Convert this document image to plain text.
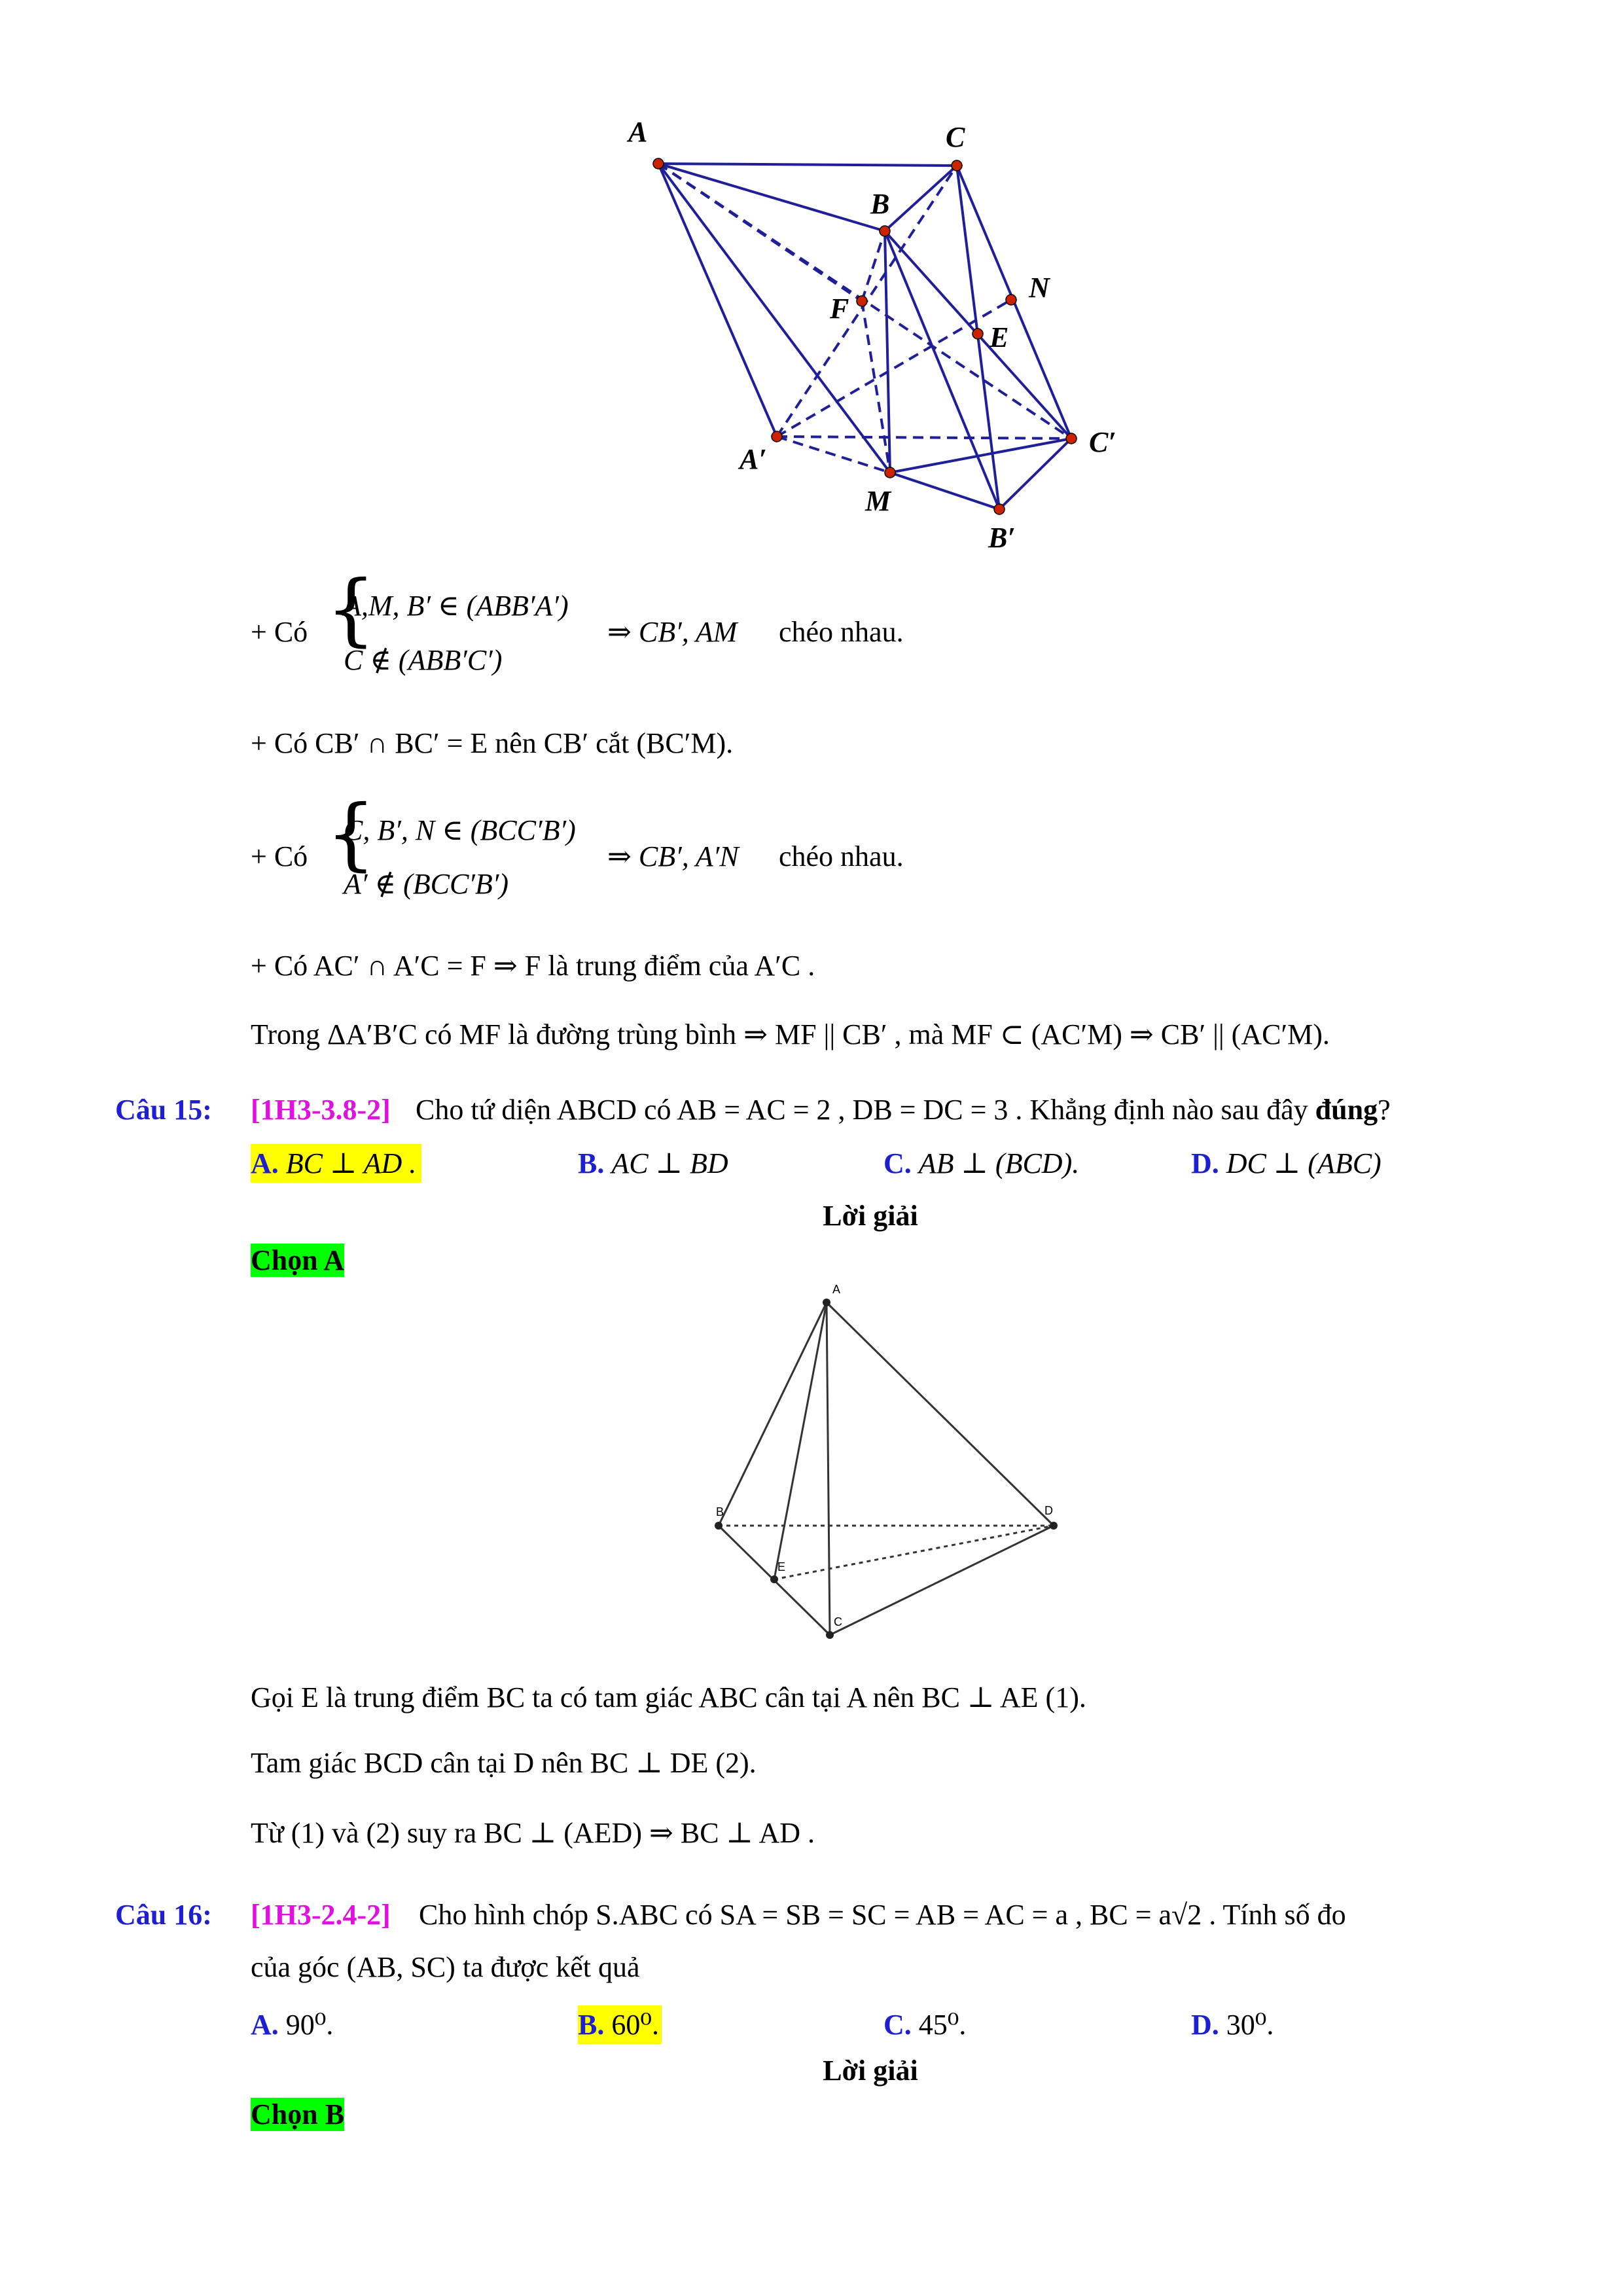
A	C
B
N
F
E
A′
C′
M
B′
+ Có {
A,M, B′ ∈ (ABB′A′)
C ∉ (ABB′C′)
⇒ CB′, AM chéo nhau.
+ Có CB′ ∩ BC′ = E nên CB′ cắt (BC′M).
+ Có {
C, B′, N ∈ (BCC′B′)
A′ ∉ (BCC′B′)
⇒ CB′, A′N chéo nhau.
+ Có AC′ ∩ A′C = F ⇒ F là trung điểm của A′C .
Trong ΔA′B′C có MF là đường trùng bình ⇒ MF || CB′ , mà MF ⊂ (AC′M) ⇒ CB′ || (AC′M).
Câu 15: [1H3-3.8-2] Cho tứ diện ABCD có AB = AC = 2 , DB = DC = 3 . Khẳng định nào sau đây đúng?
A. BC ⊥ AD .	B. AC ⊥ BD	C. AB ⊥ (BCD).	D. DC ⊥ (ABC)
Lời giải
Chọn A
A
B
C
D
E
Gọi E là trung điểm BC ta có tam giác ABC cân tại A nên BC ⊥ AE (1).
Tam giác BCD cân tại D nên BC ⊥ DE (2).
Từ (1) và (2) suy ra BC ⊥ (AED) ⇒ BC ⊥ AD .
Câu 16: [1H3-2.4-2] Cho hình chóp S.ABC có SA = SB = SC = AB = AC = a , BC = a√2 . Tính số đo
của góc (AB, SC) ta được kết quả
A. 90⁰.	B. 60⁰.	C. 45⁰.	D. 30⁰.
Lời giải
Chọn B
